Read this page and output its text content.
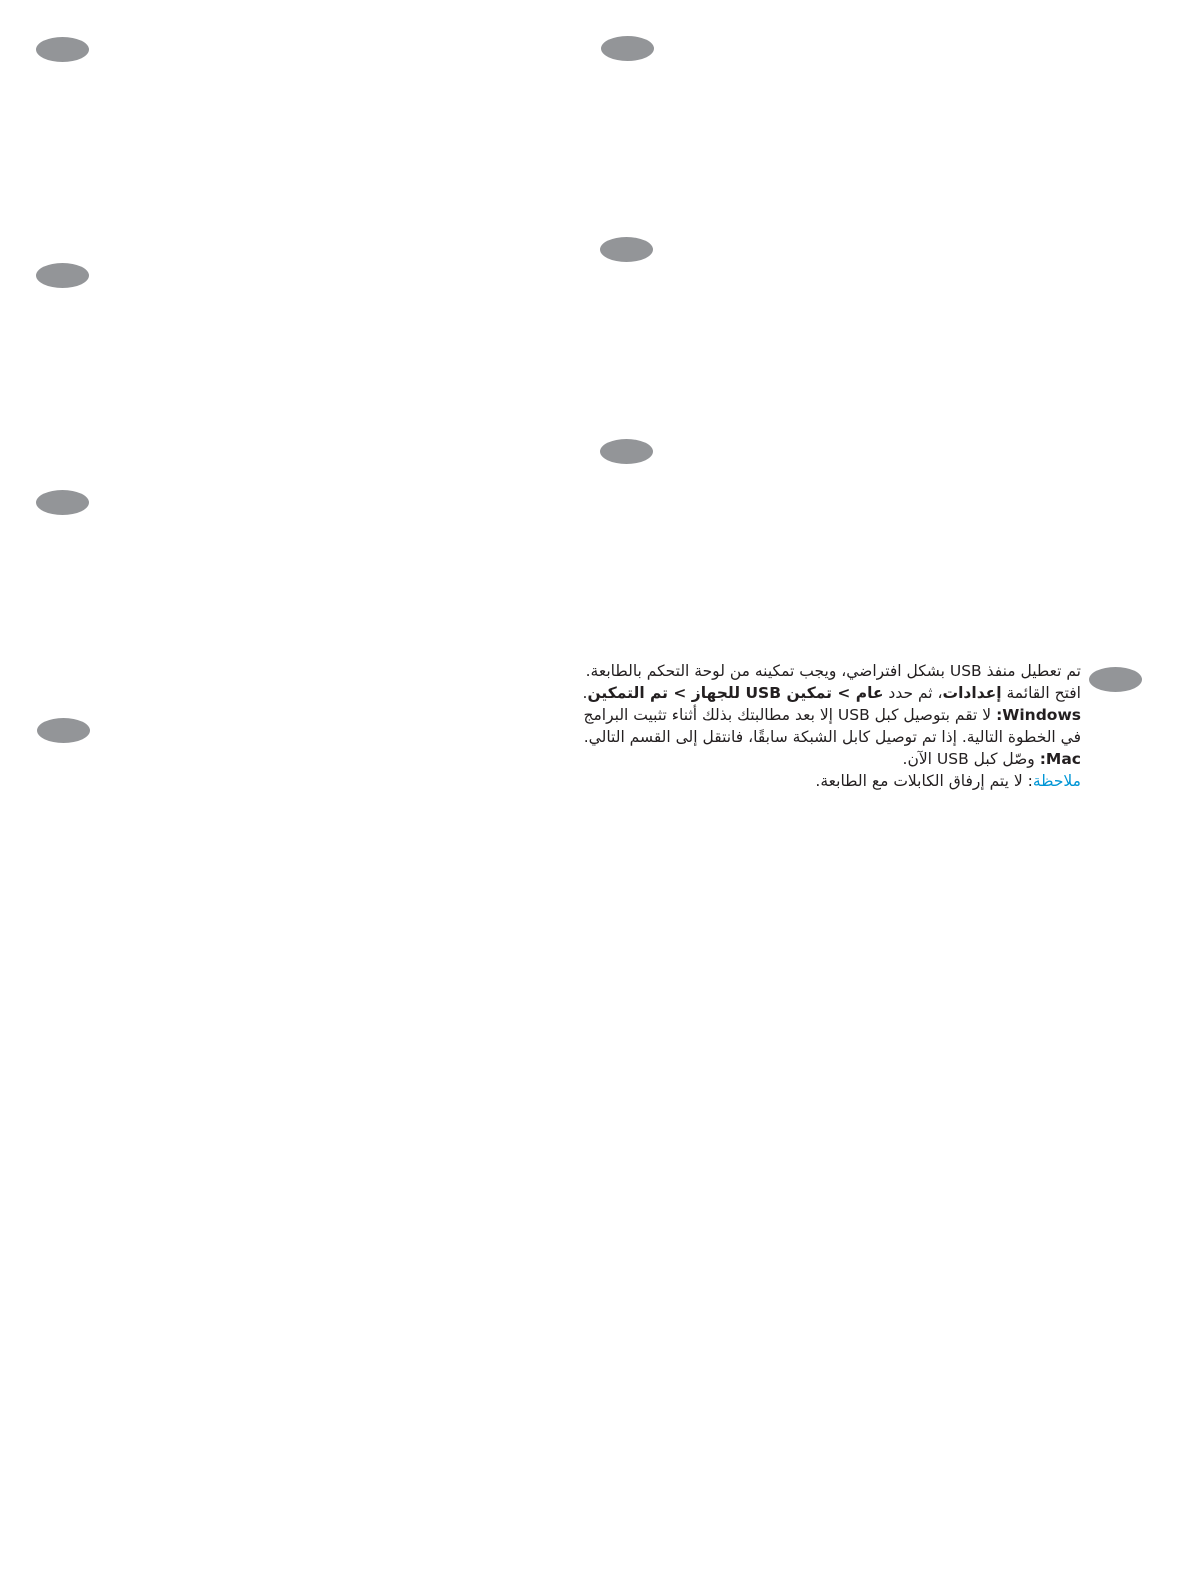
تم تعطيل منفذ USB بشكل افتراضي، ويجب تمكينه من لوحة التحكم بالطابعة. افتح القائمة إعدادات، ثم حدد عام > تمكين USB للجهاز > تم التمكين.

Windows: لا تقم بتوصيل كبل USB إلا بعد مطالبتك بذلك أثناء تثبيت البرامج في الخطوة التالية. إذا تم توصيل كابل الشبكة سابقًا، فانتقل إلى القسم التالي.

Mac: وصّل كبل USB الآن.

ملاحظة: لا يتم إرفاق الكابلات مع الطابعة.
